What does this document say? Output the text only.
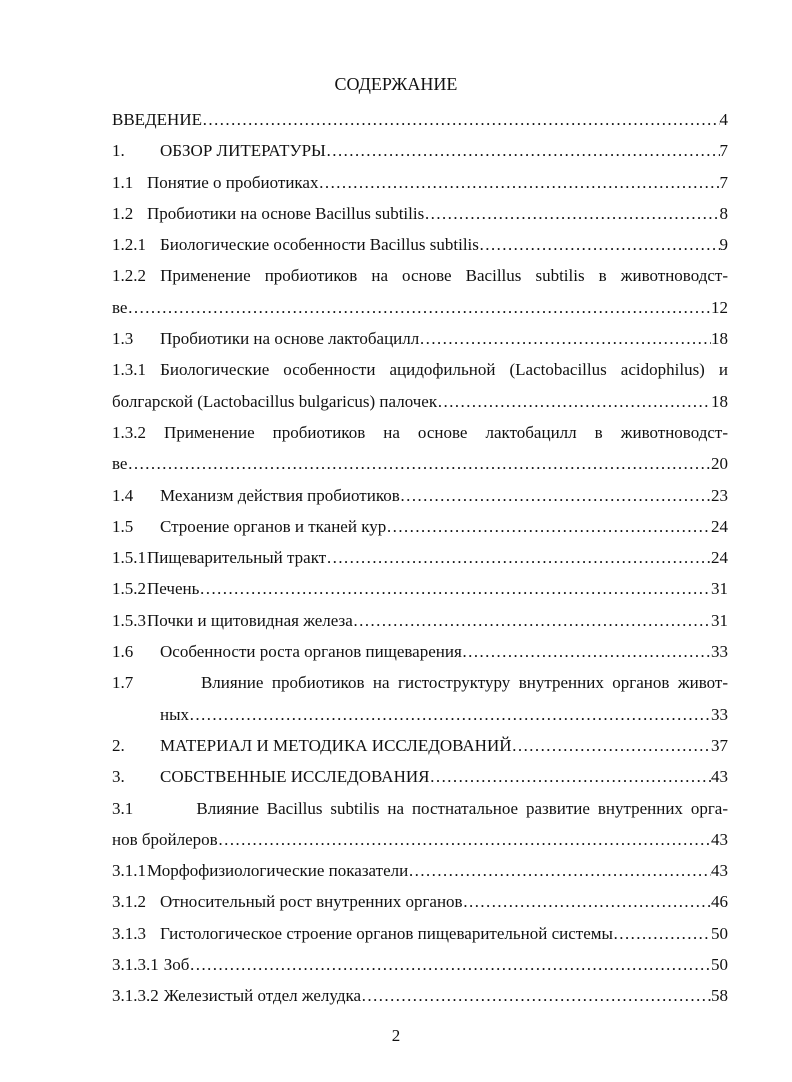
СОДЕРЖАНИЕ
ВВЕДЕНИЕ …………………………………………………………………………………………………………………………………………………………	4
1.	ОБЗОР ЛИТЕРАТУРЫ …………………………………………………………………………………………………………………………………………………………	7
1.1 Понятие о пробиотиках …………………………………………………………………………………………………………………………………………………………	7
1.2 Пробиотики на основе Bacillus subtilis …………………………………………………………………………………………………………………………………………………………	8
1.2.1 Биологические особенности Bacillus subtilis …………………………………………………………………………………………………………………………………………………………	9
1.2.2 Применение пробиотиков на основе Bacillus subtilis в животноводст-
ве …………………………………………………………………………………………………………………………………………………………	12
1.3	Пробиотики на основе лактобацилл …………………………………………………………………………………………………………………………………………………………	18
1.3.1 Биологические особенности ацидофильной (Lactobacillus acidophilus) и
болгарской (Lactobacillus bulgaricus) палочек …………………………………………………………………………………………………………………………………………………………	18
1.3.2 Применение пробиотиков на основе лактобацилл в животноводст-
ве …………………………………………………………………………………………………………………………………………………………	20
1.4	Механизм действия пробиотиков …………………………………………………………………………………………………………………………………………………………	23
1.5	Строение органов и тканей кур …………………………………………………………………………………………………………………………………………………………	24
1.5.1 Пищеварительный тракт …………………………………………………………………………………………………………………………………………………………	24
1.5.2 Печень …………………………………………………………………………………………………………………………………………………………	31
1.5.3 Почки и щитовидная железа …………………………………………………………………………………………………………………………………………………………	31
1.6	Особенности роста органов пищеварения …………………………………………………………………………………………………………………………………………………………	33
1.7	Влияние пробиотиков на гистоструктуру внутренних органов живот-
ных …………………………………………………………………………………………………………………………………………………………	33
2.	МАТЕРИАЛ И МЕТОДИКА ИССЛЕДОВАНИЙ …………………………………………………………………………………………………………………………………………………………	37
3.	СОБСТВЕННЫЕ ИССЛЕДОВАНИЯ …………………………………………………………………………………………………………………………………………………………	43
3.1	Влияние Bacillus subtilis на постнатальное развитие внутренних орга-
нов бройлеров …………………………………………………………………………………………………………………………………………………………	43
3.1.1 Морфофизиологические показатели …………………………………………………………………………………………………………………………………………………………	43
3.1.2 Относительный рост внутренних органов …………………………………………………………………………………………………………………………………………………………	46
3.1.3 Гистологическое строение органов пищеварительной системы …………………………………………………………………………………………………………………………………………………………	50
3.1.3.1 Зоб …………………………………………………………………………………………………………………………………………………………	50
3.1.3.2 Железистый отдел желудка …………………………………………………………………………………………………………………………………………………………	58
2
